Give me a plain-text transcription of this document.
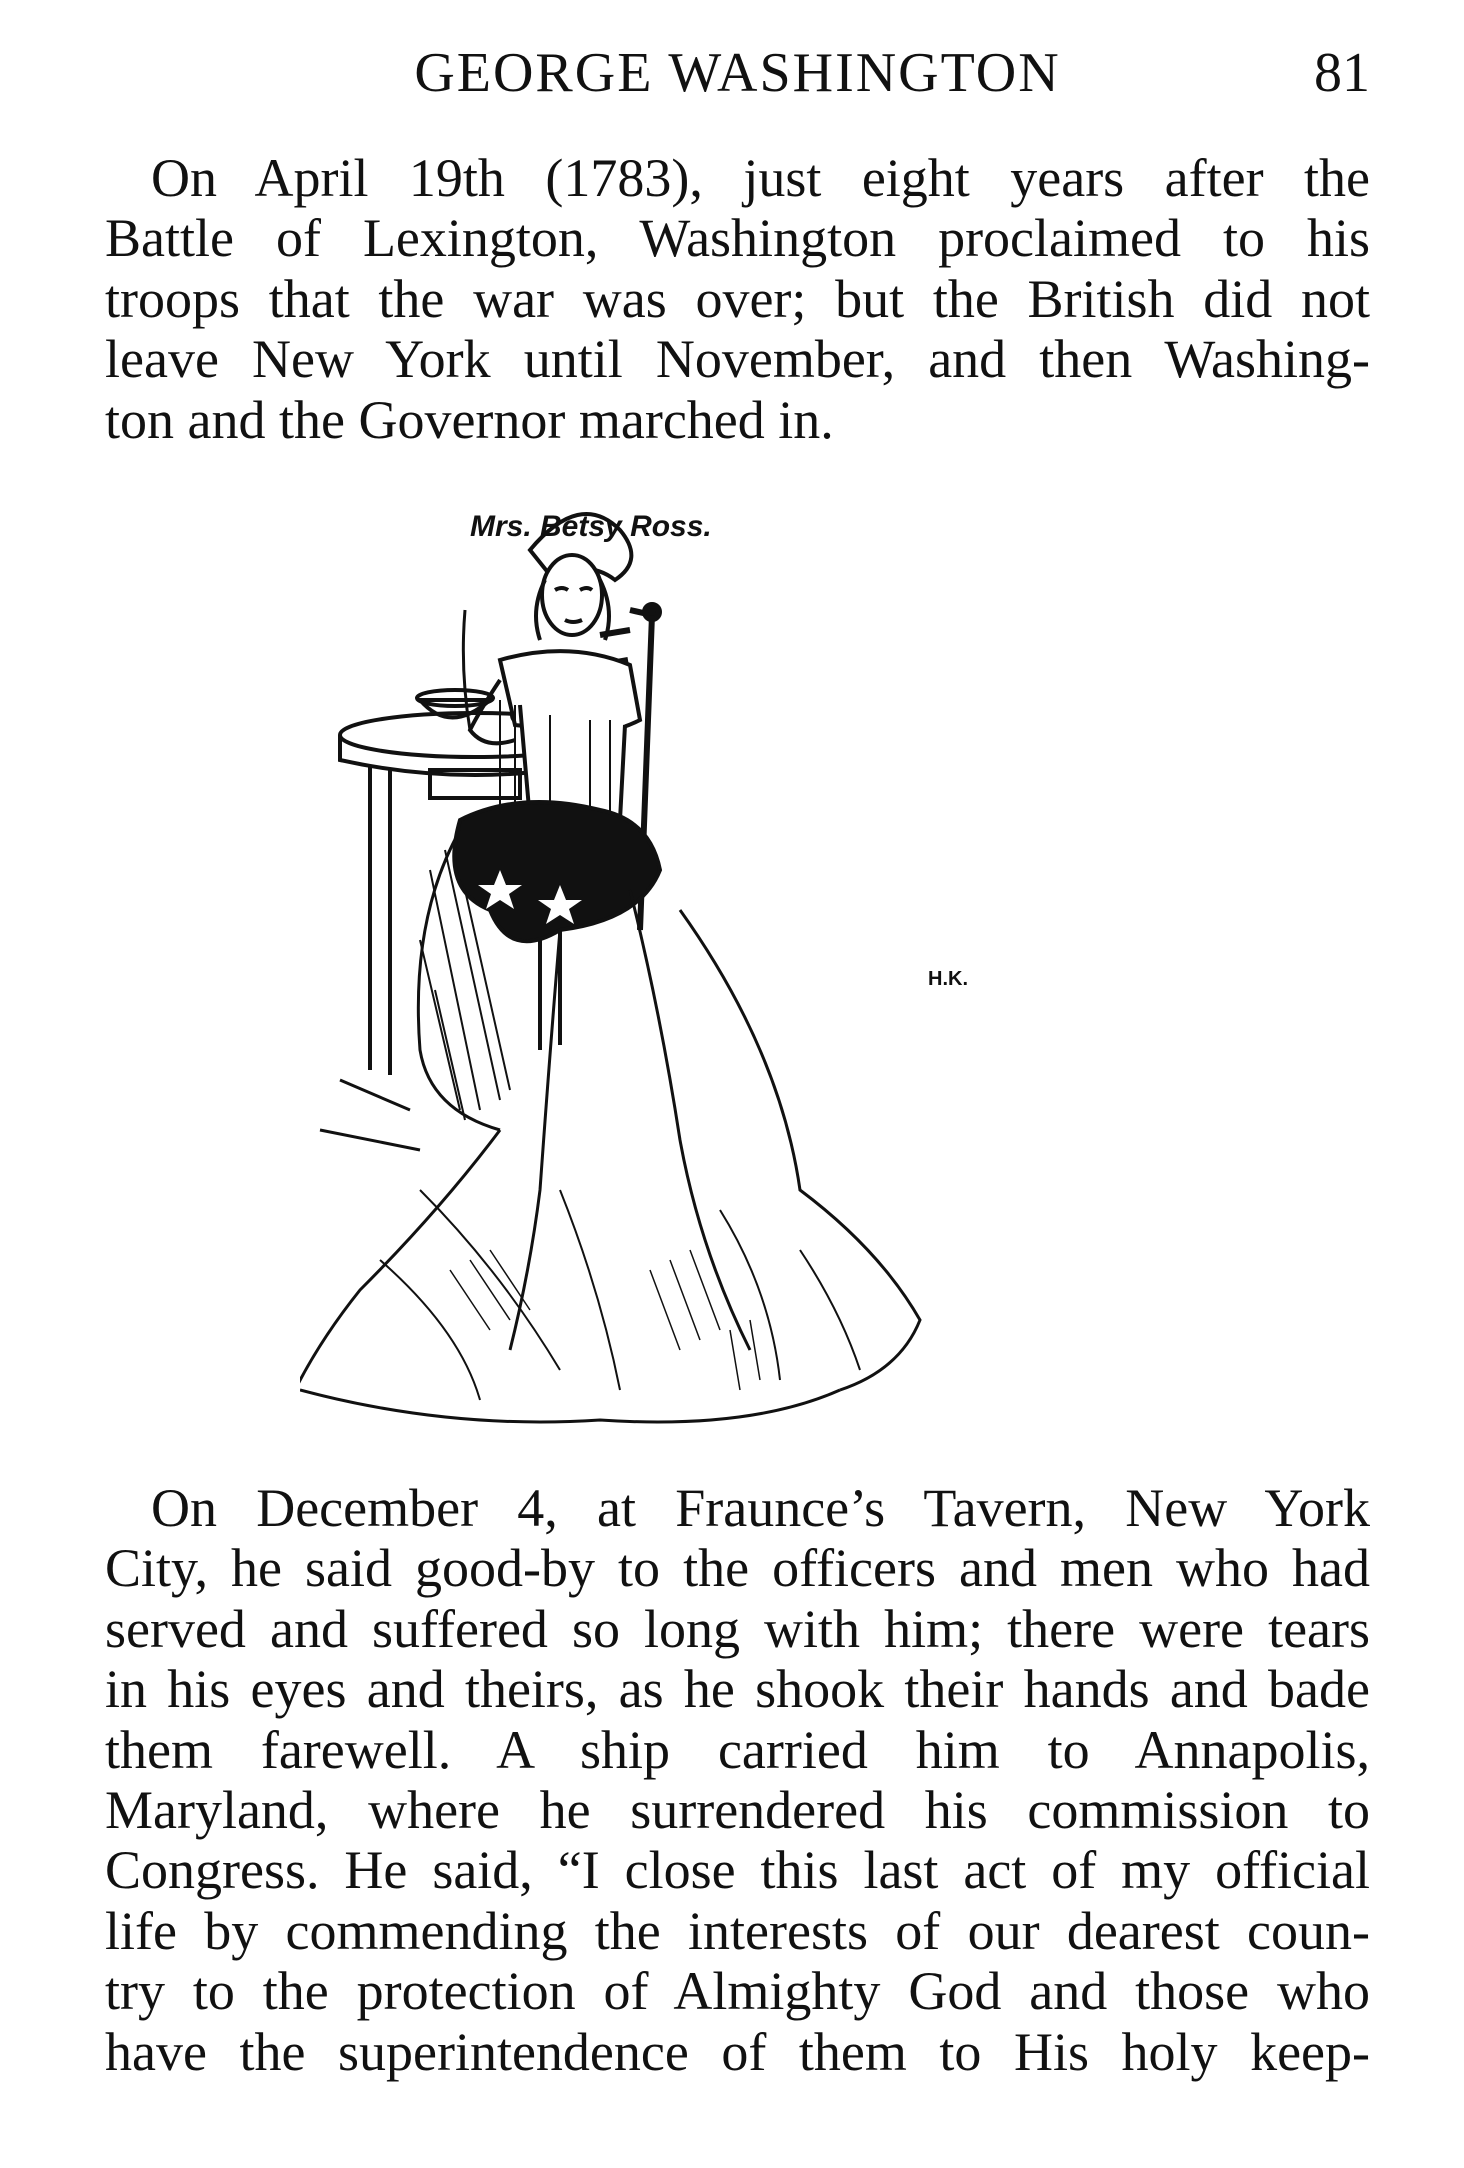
GEORGE WASHINGTON	81
On April 19th (1783), just eight years after the
Battle of Lexington, Washington proclaimed to his
troops that the war was over; but the British did not
leave New York until November, and then Washing-
ton and the Governor marched in.
Mrs. Betsy Ross.
H.K.
On December 4, at Fraunce’s Tavern, New York
City, he said good-by to the officers and men who had
served and suffered so long with him; there were tears
in his eyes and theirs, as he shook their hands and bade
them farewell. A ship carried him to Annapolis,
Maryland, where he surrendered his commission to
Congress. He said, “I close this last act of my official
life by commending the interests of our dearest coun-
try to the protection of Almighty God and those who
have the superintendence of them to His holy keep-
